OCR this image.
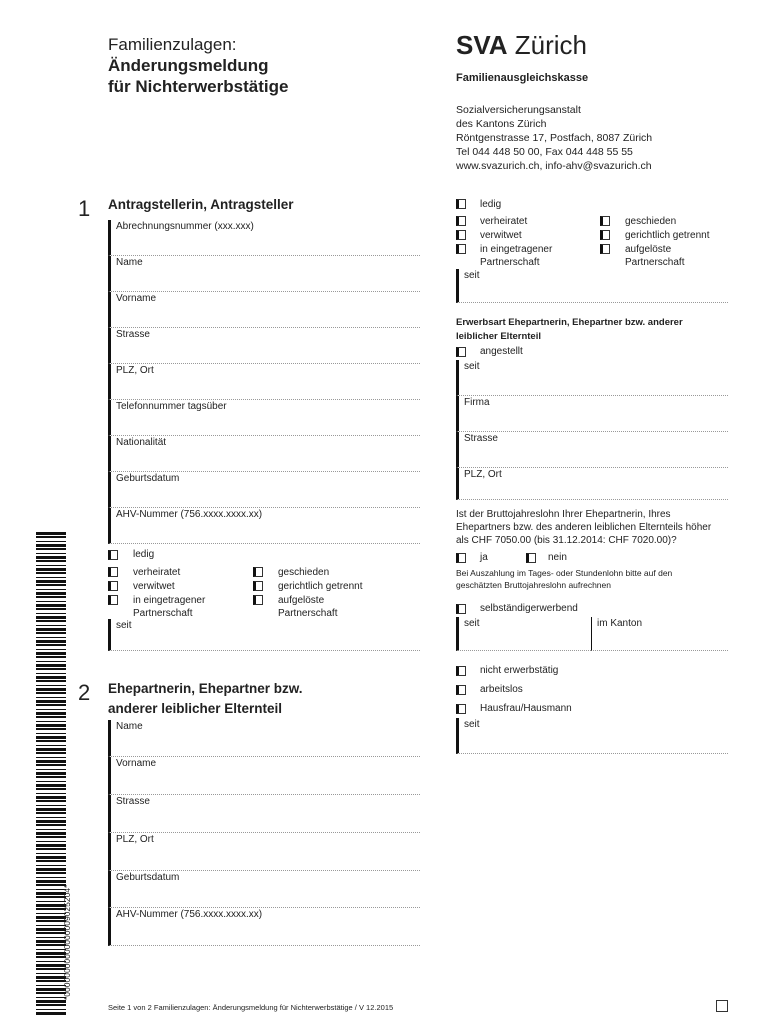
Familienzulagen:
Änderungsmeldung
für Nichterwerbstätige
SVA Zürich
Familienausgleichskasse
Sozialversicherungsanstalt
des Kantons Zürich
Röntgenstrasse 17, Postfach, 8087 Zürich
Tel 044 448 50 00, Fax 044 448 55 55
www.svazurich.ch, info-ahv@svazurich.ch
1 Antragstellerin, Antragsteller
Abrechnungsnummer (xxx.xxx)
Name
Vorname
Strasse
PLZ, Ort
Telefonnummer tagsüber
Nationalität
Geburtsdatum
AHV-Nummer (756.xxxx.xxxx.xx)
ledig
verheiratet
verwitwet
in eingetragener
Partnerschaft
geschieden
gerichtlich getrennt
aufgelöste
Partnerschaft
seit
2 Ehepartnerin, Ehepartner bzw.
anderer leiblicher Elternteil
Name
Vorname
Strasse
PLZ, Ort
Geburtsdatum
AHV-Nummer (756.xxxx.xxxx.xx)
ledig
verheiratet
verwitwet
in eingetragener
Partnerschaft
geschieden
gerichtlich getrennt
aufgelöste
Partnerschaft
seit
Erwerbsart Ehepartnerin, Ehepartner bzw. anderer
leiblicher Elternteil
angestellt
seit
Firma
Strasse
PLZ, Ort
Ist der Bruttojahreslohn Ihrer Ehepartnerin, Ihres
Ehepartners bzw. des anderen leiblichen Elternteils höher
als CHF 7050.00 (bis 31.12.2014: CHF 7020.00)?
ja	nein
Bei Auszahlung im Tages- oder Stundenlohn bitte auf den
geschätzten Bruttojahreslohn aufrechnen
selbständigerwerbend
seit	im Kanton
nicht erwerbstätig
arbeitslos
Hausfrau/Hausmann
seit
*00000000000000009025204*
Seite 1 von 2 Familienzulagen: Änderungsmeldung für Nichterwerbstätige / V 12.2015
